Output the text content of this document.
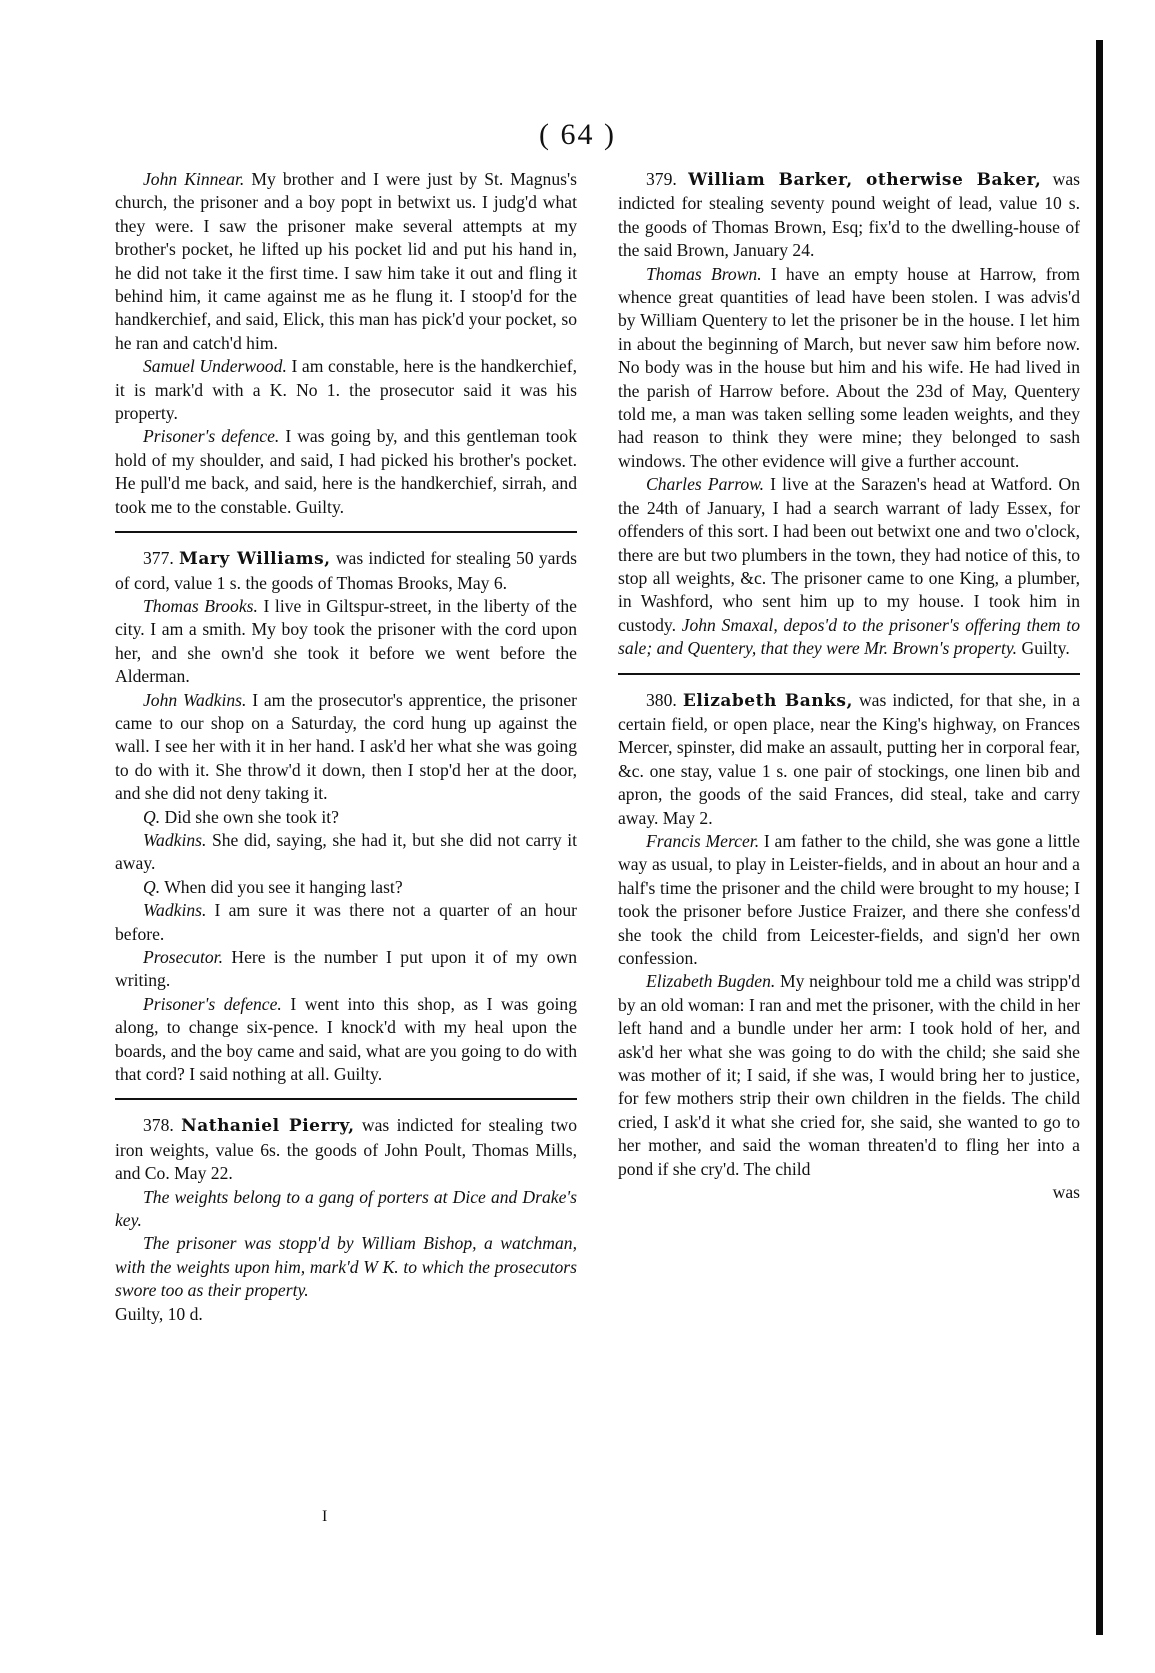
( 64 )

John Kinnear. My brother and I were just by St. Magnus's church, the prisoner and a boy popt in betwixt us. I judg'd what they were. I saw the prisoner make several attempts at my brother's pocket, he lifted up his pocket lid and put his hand in, he did not take it the first time. I saw him take it out and fling it behind him, it came against me as he flung it. I stoop'd for the handkerchief, and said, Elick, this man has pick'd your pocket, so he ran and catch'd him.

Samuel Underwood. I am constable, here is the handkerchief, it is mark'd with a K. No 1. the prosecutor said it was his property.

Prisoner's defence. I was going by, and this gentleman took hold of my shoulder, and said, I had picked his brother's pocket. He pull'd me back, and said, here is the handkerchief, sirrah, and took me to the constable. Guilty.

377. Mary Williams, was indicted for stealing 50 yards of cord, value 1 s. the goods of Thomas Brooks, May 6.

Thomas Brooks. I live in Giltspur-street, in the liberty of the city. I am a smith. My boy took the prisoner with the cord upon her, and she own'd she took it before we went before the Alderman.

John Wadkins. I am the prosecutor's apprentice, the prisoner came to our shop on a Saturday, the cord hung up against the wall. I see her with it in her hand. I ask'd her what she was going to do with it. She throw'd it down, then I stop'd her at the door, and she did not deny taking it.

Q. Did she own she took it?

Wadkins. She did, saying, she had it, but she did not carry it away.

Q. When did you see it hanging last?

Wadkins. I am sure it was there not a quarter of an hour before.

Prosecutor. Here is the number I put upon it of my own writing.

Prisoner's defence. I went into this shop, as I was going along, to change six-pence. I knock'd with my heal upon the boards, and the boy came and said, what are you going to do with that cord? I said nothing at all. Guilty.

378. Nathaniel Pierry, was indicted for stealing two iron weights, value 6s. the goods of John Poult, Thomas Mills, and Co. May 22.

The weights belong to a gang of porters at Dice and Drake's key.

The prisoner was stopp'd by William Bishop, a watchman, with the weights upon him, mark'd W K. to which the prosecutors swore too as their property.

Guilty, 10 d.

379. William Barker, otherwise Baker, was indicted for stealing seventy pound weight of lead, value 10 s. the goods of Thomas Brown, Esq; fix'd to the dwelling-house of the said Brown, January 24.

Thomas Brown. I have an empty house at Harrow, from whence great quantities of lead have been stolen. I was advis'd by William Quentery to let the prisoner be in the house. I let him in about the beginning of March, but never saw him before now. No body was in the house but him and his wife. He had lived in the parish of Harrow before. About the 23d of May, Quentery told me, a man was taken selling some leaden weights, and they had reason to think they were mine; they belonged to sash windows. The other evidence will give a further account.

Charles Parrow. I live at the Sarazen's head at Watford. On the 24th of January, I had a search warrant of lady Essex, for offenders of this sort. I had been out betwixt one and two o'clock, there are but two plumbers in the town, they had notice of this, to stop all weights, &c. The prisoner came to one King, a plumber, in Washford, who sent him up to my house. I took him in custody. John Smaxal, depos'd to the prisoner's offering them to sale; and Quentery, that they were Mr. Brown's property. Guilty.

380. Elizabeth Banks, was indicted, for that she, in a certain field, or open place, near the King's highway, on Frances Mercer, spinster, did make an assault, putting her in corporal fear, &c. one stay, value 1 s. one pair of stockings, one linen bib and apron, the goods of the said Frances, did steal, take and carry away. May 2.

Francis Mercer. I am father to the child, she was gone a little way as usual, to play in Leister-fields, and in about an hour and a half's time the prisoner and the child were brought to my house; I took the prisoner before Justice Fraizer, and there she confess'd she took the child from Leicester-fields, and sign'd her own confession.

Elizabeth Bugden. My neighbour told me a child was stripp'd by an old woman: I ran and met the prisoner, with the child in her left hand and a bundle under her arm: I took hold of her, and ask'd her what she was going to do with the child; she said she was mother of it; I said, if she was, I would bring her to justice, for few mothers strip their own children in the fields. The child cried, I ask'd it what she cried for, she said, she wanted to go to her mother, and said the woman threaten'd to fling her into a pond if she cry'd. The child

was

I
